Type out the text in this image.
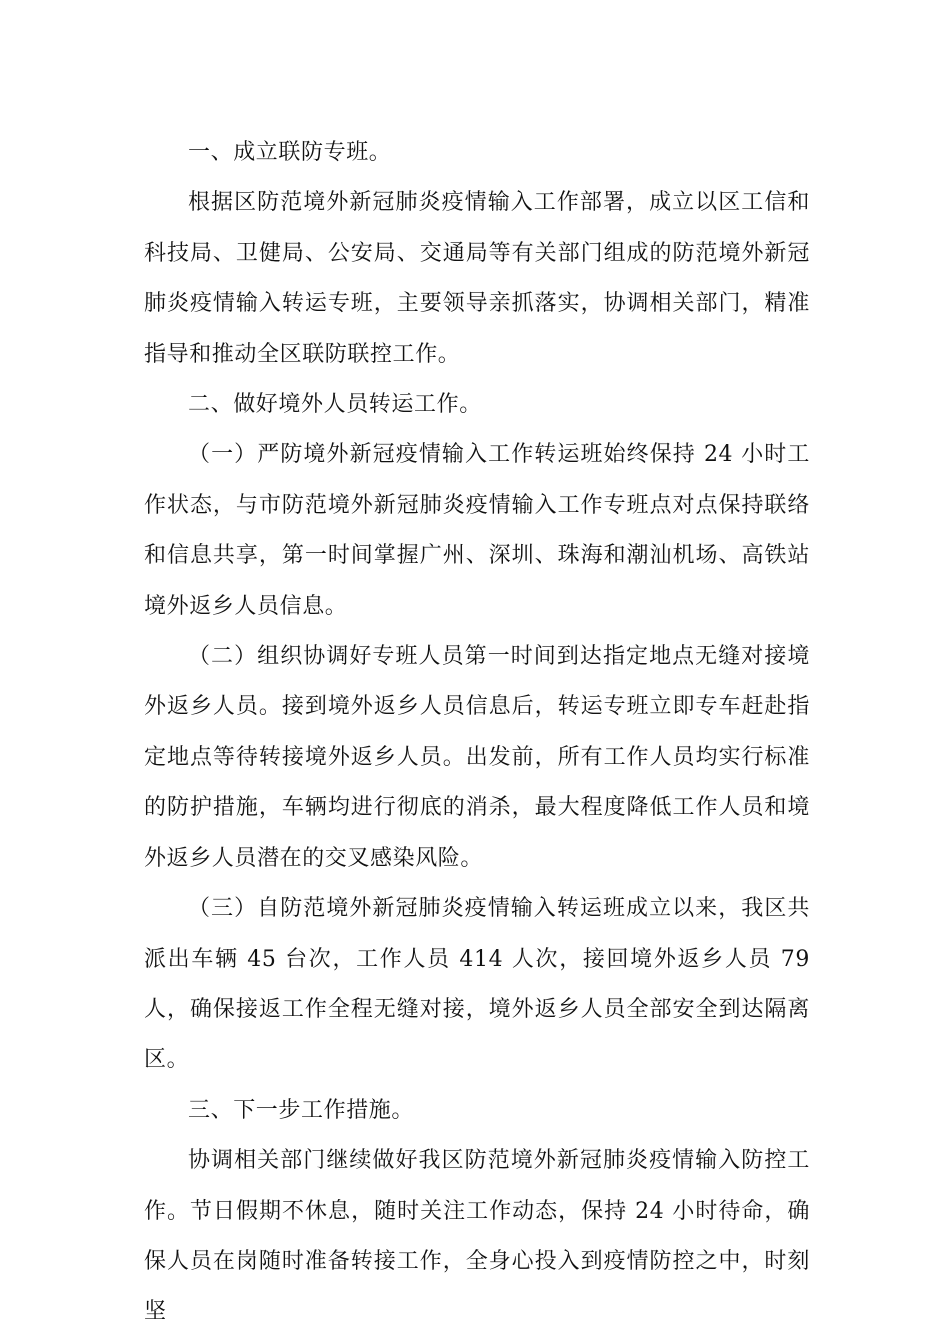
一、成立联防专班。

根据区防范境外新冠肺炎疫情输入工作部署，成立以区工信和科技局、卫健局、公安局、交通局等有关部门组成的防范境外新冠肺炎疫情输入转运专班，主要领导亲抓落实，协调相关部门，精准指导和推动全区联防联控工作。

二、做好境外人员转运工作。

（一）严防境外新冠疫情输入工作转运班始终保持 24 小时工作状态，与市防范境外新冠肺炎疫情输入工作专班点对点保持联络和信息共享，第一时间掌握广州、深圳、珠海和潮汕机场、高铁站境外返乡人员信息。

（二）组织协调好专班人员第一时间到达指定地点无缝对接境外返乡人员。接到境外返乡人员信息后，转运专班立即专车赶赴指定地点等待转接境外返乡人员。出发前，所有工作人员均实行标准的防护措施，车辆均进行彻底的消杀，最大程度降低工作人员和境外返乡人员潜在的交叉感染风险。

（三）自防范境外新冠肺炎疫情输入转运班成立以来，我区共派出车辆 45 台次，工作人员 414 人次，接回境外返乡人员 79 人，确保接返工作全程无缝对接，境外返乡人员全部安全到达隔离区。

三、下一步工作措施。

协调相关部门继续做好我区防范境外新冠肺炎疫情输入防控工作。节日假期不休息，随时关注工作动态，保持 24 小时待命，确保人员在岗随时准备转接工作，全身心投入到疫情防控之中，时刻坚
